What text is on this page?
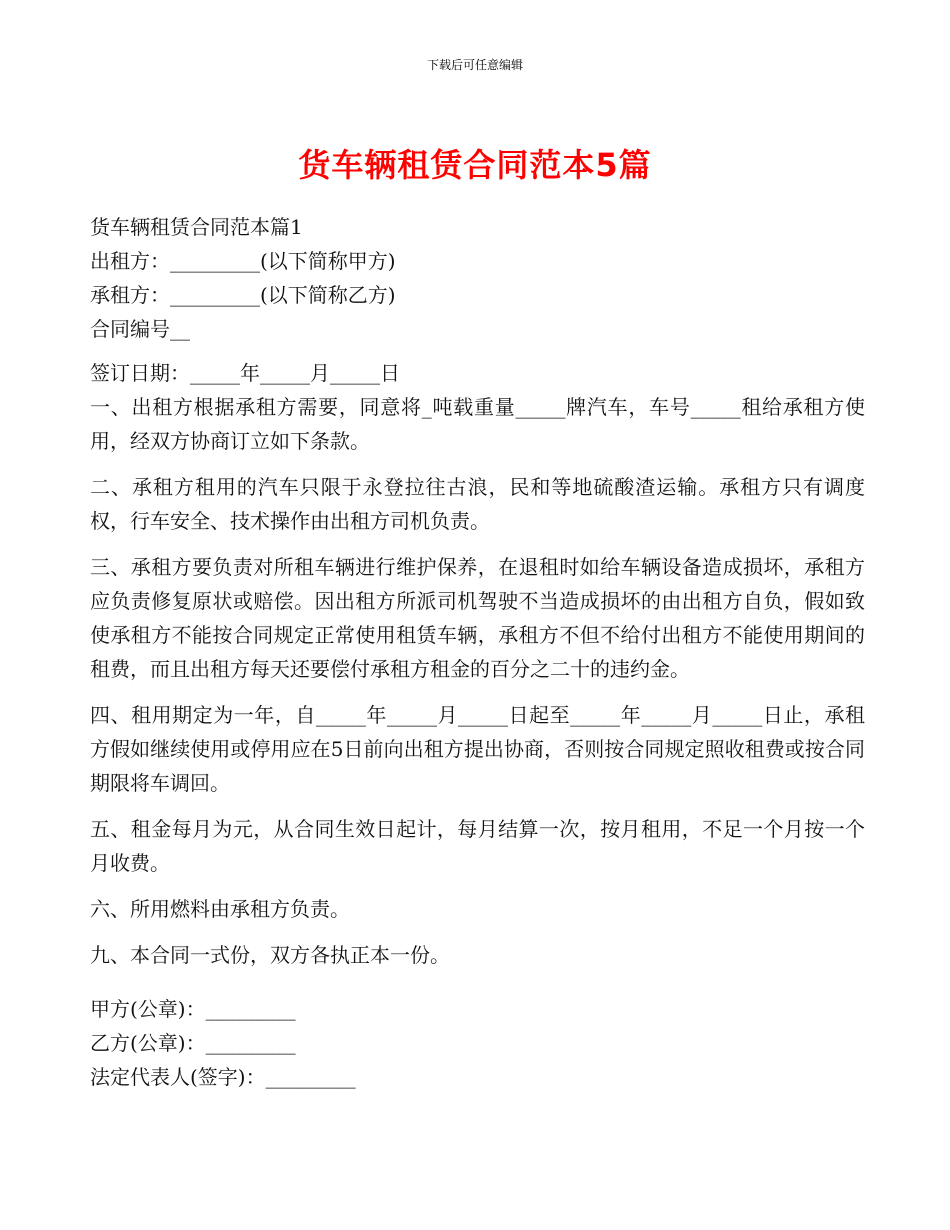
下载后可任意编辑
货车辆租赁合同范本5篇
货车辆租赁合同范本篇1
出租方：_________(以下简称甲方)
承租方：_________(以下简称乙方)
合同编号__
签订日期：_____年_____月_____日
一、出租方根据承租方需要，同意将_吨载重量_____牌汽车，车号_____租给承租方使用，经双方协商订立如下条款。
二、承租方租用的汽车只限于永登拉往古浪，民和等地硫酸渣运输。承租方只有调度权，行车安全、技术操作由出租方司机负责。
三、承租方要负责对所租车辆进行维护保养，在退租时如给车辆设备造成损坏，承租方应负责修复原状或赔偿。因出租方所派司机驾驶不当造成损坏的由出租方自负，假如致使承租方不能按合同规定正常使用租赁车辆，承租方不但不给付出租方不能使用期间的租费，而且出租方每天还要偿付承租方租金的百分之二十的违约金。
四、租用期定为一年，自_____年_____月_____日起至_____年_____月_____日止，承租方假如继续使用或停用应在5日前向出租方提出协商，否则按合同规定照收租费或按合同期限将车调回。
五、租金每月为元，从合同生效日起计，每月结算一次，按月租用，不足一个月按一个月收费。
六、所用燃料由承租方负责。
九、本合同一式份，双方各执正本一份。
甲方(公章)：_________
乙方(公章)：_________
法定代表人(签字)：_________
